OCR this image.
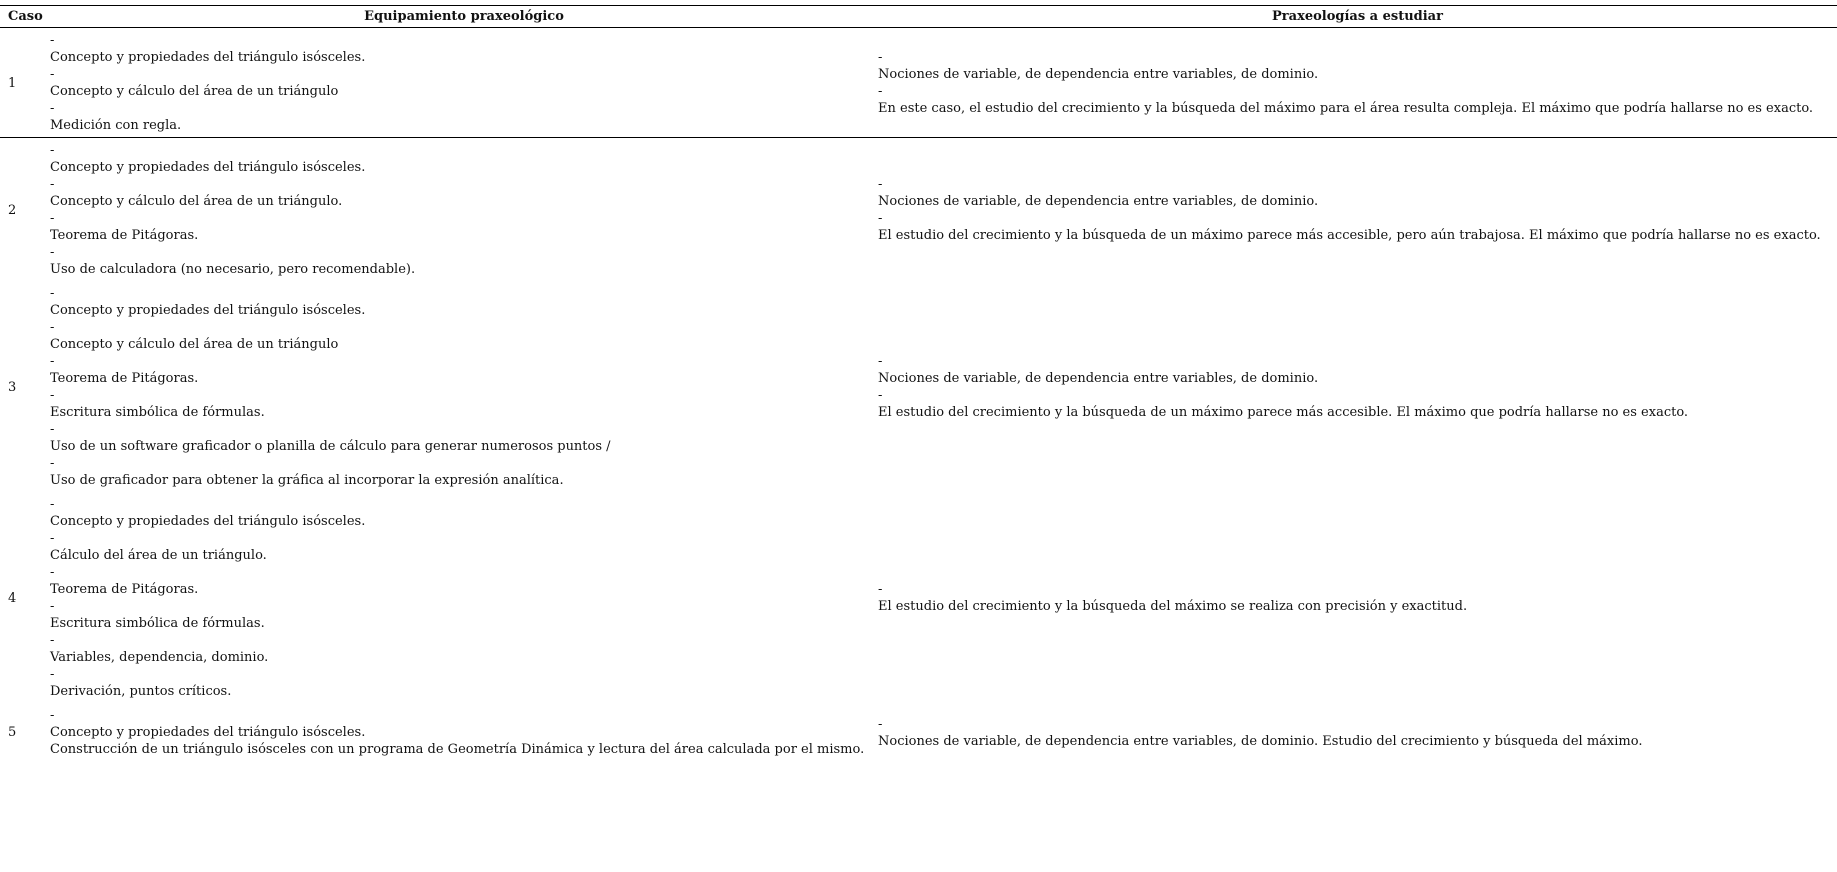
Caso	Equipamiento praxeológico	Praxeologías a estudiar
1
-
Concepto y propiedades del triángulo isósceles.
-
Concepto y cálculo del área de un triángulo
-
Medición con regla.
-
Nociones de variable, de dependencia entre variables, de dominio.
-
En este caso, el estudio del crecimiento y la búsqueda del máximo para el área resulta compleja. El máximo que podría hallarse no es exacto.
2
-
Concepto y propiedades del triángulo isósceles.
-
Concepto y cálculo del área de un triángulo.
-
Teorema de Pitágoras.
-
Uso de calculadora (no necesario, pero recomendable).
-
Nociones de variable, de dependencia entre variables, de dominio.
-
El estudio del crecimiento y la búsqueda de un máximo parece más accesible, pero aún trabajosa. El máximo que podría hallarse no es exacto.
3
-
Concepto y propiedades del triángulo isósceles.
-
Concepto y cálculo del área de un triángulo
-
Teorema de Pitágoras.
-
Escritura simbólica de fórmulas.
-
Uso de un software graficador o planilla de cálculo para generar numerosos puntos /
-
Uso de graficador para obtener la gráfica al incorporar la expresión analítica.
-
Nociones de variable, de dependencia entre variables, de dominio.
-
El estudio del crecimiento y la búsqueda de un máximo parece más accesible. El máximo que podría hallarse no es exacto.
4
-
Concepto y propiedades del triángulo isósceles.
-
Cálculo del área de un triángulo.
-
Teorema de Pitágoras.
-
Escritura simbólica de fórmulas.
-
Variables, dependencia, dominio.
-
Derivación, puntos críticos.
-
El estudio del crecimiento y la búsqueda del máximo se realiza con precisión y exactitud.
5
-
Concepto y propiedades del triángulo isósceles.
Construcción de un triángulo isósceles con un programa de Geometría Dinámica y lectura del área calculada por el mismo.
-
Nociones de variable, de dependencia entre variables, de dominio. Estudio del crecimiento y búsqueda del máximo.
